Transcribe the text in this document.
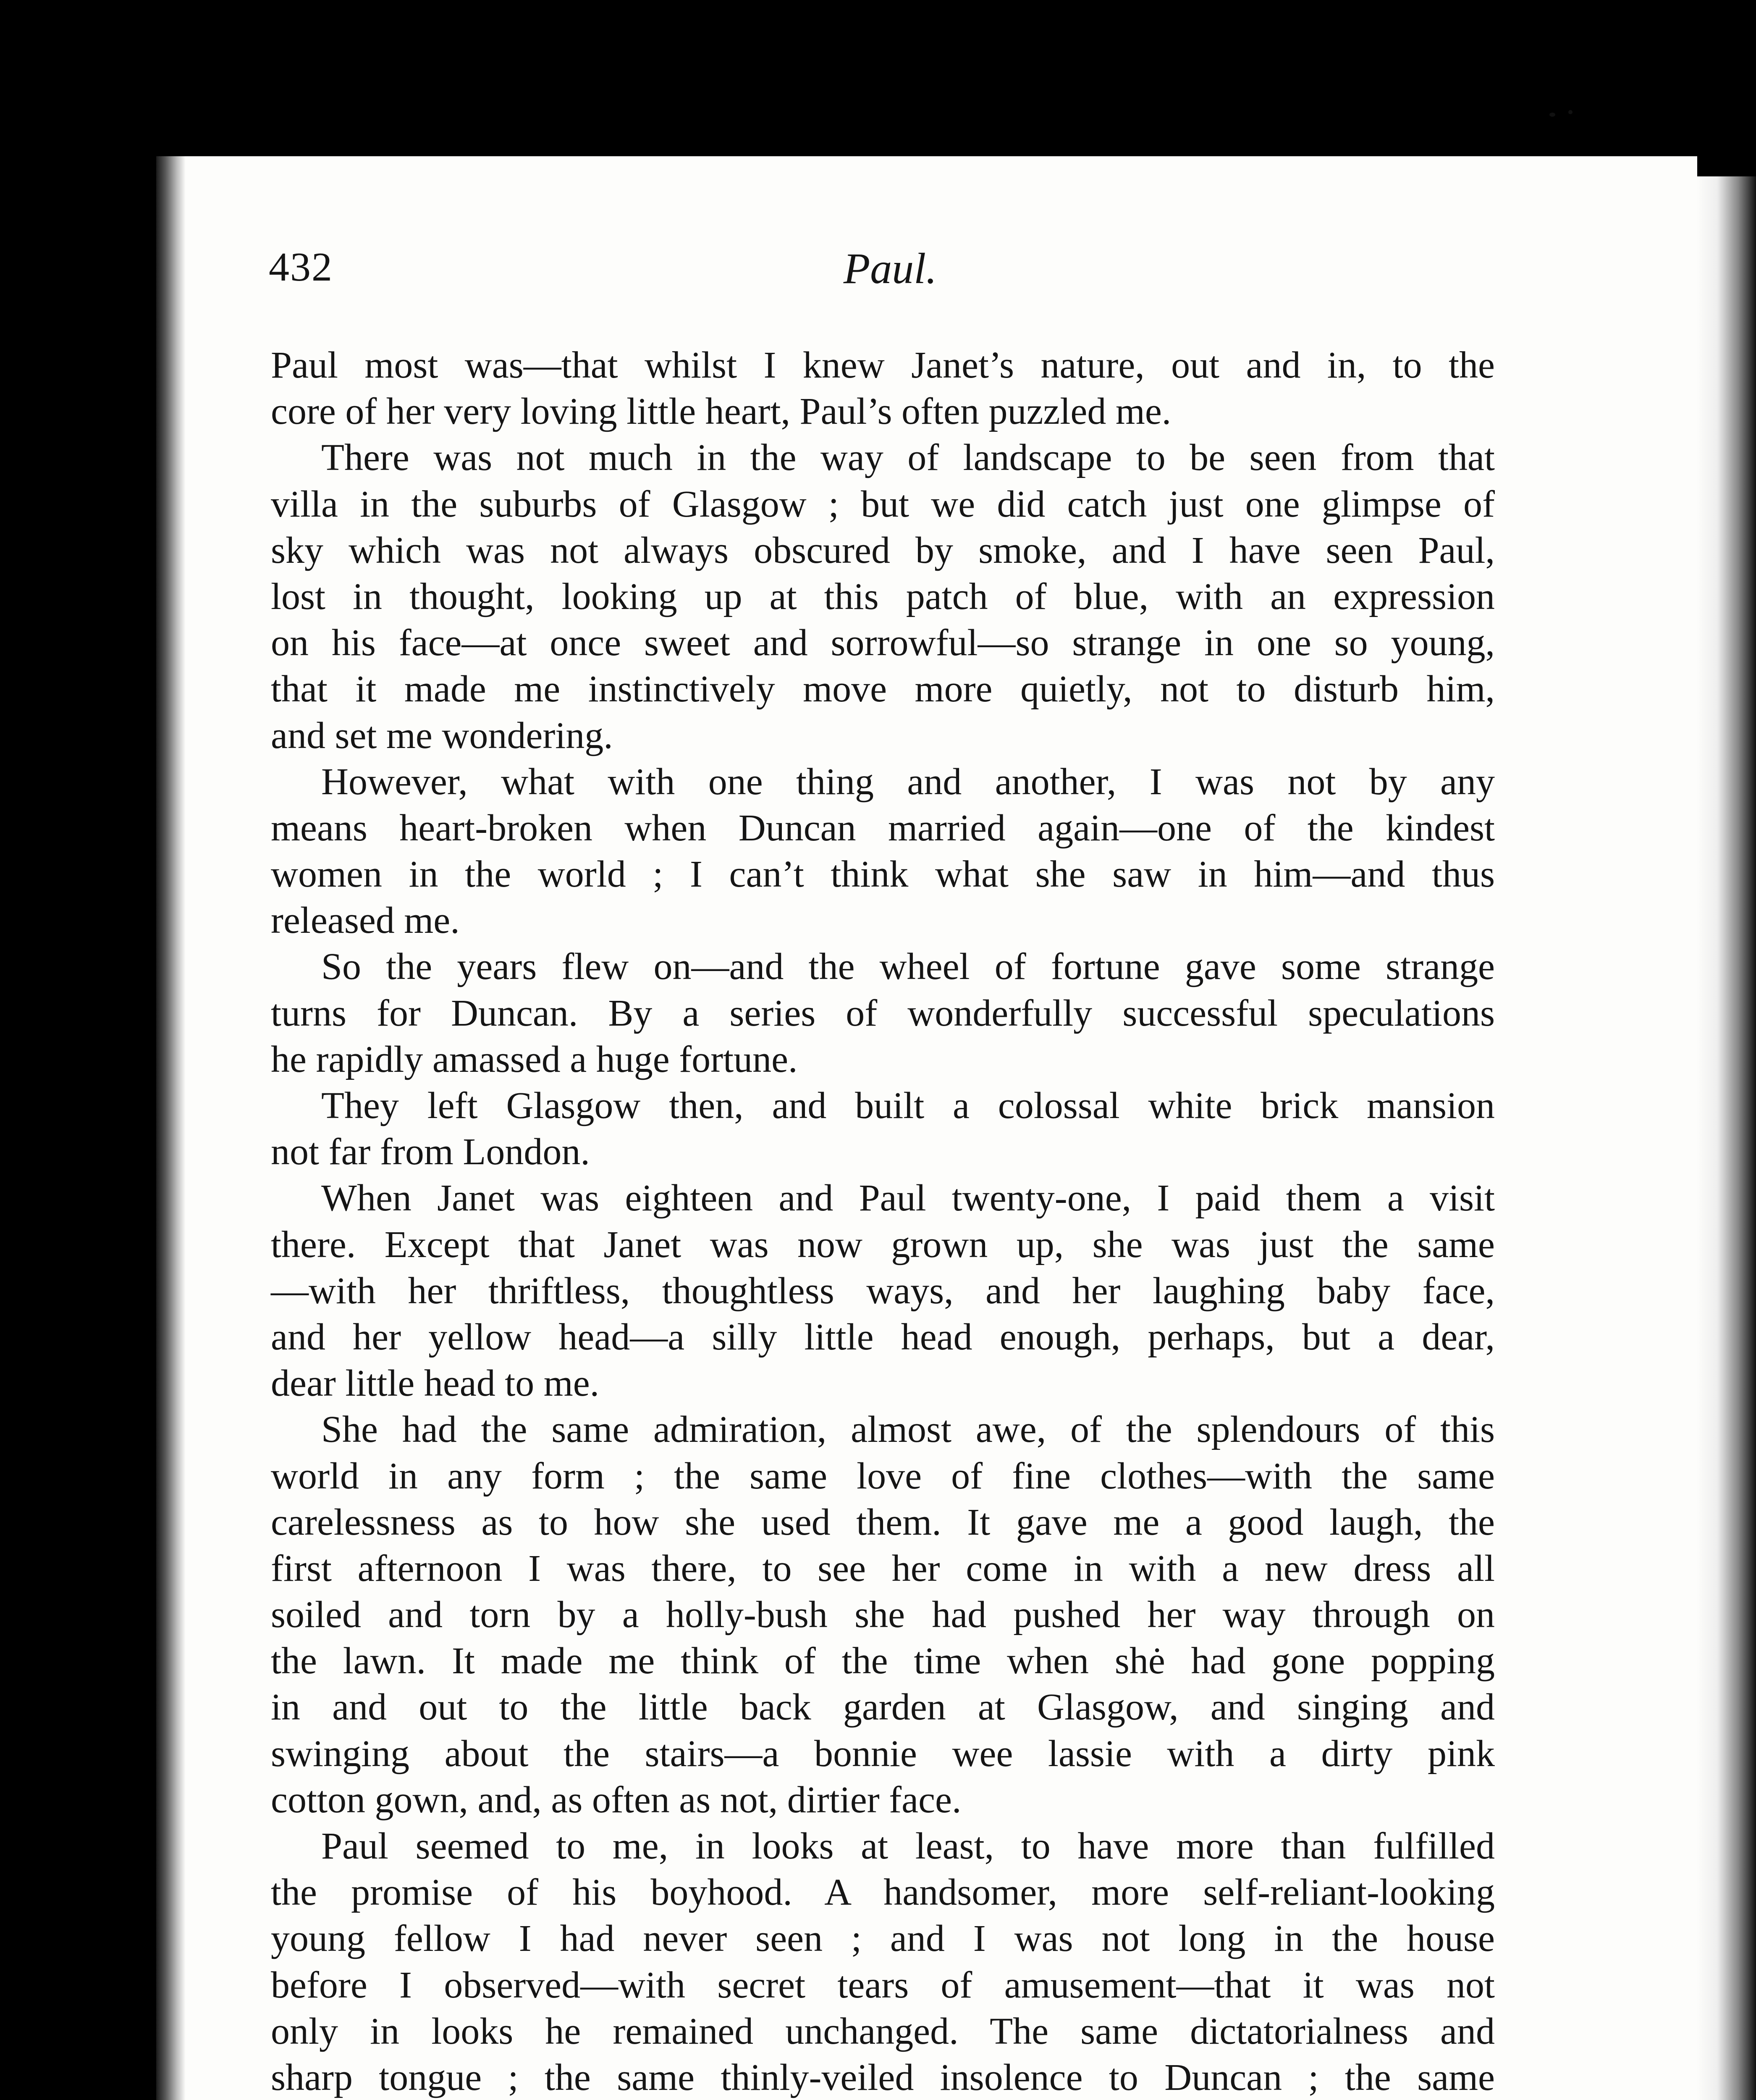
432	Paul.
Paul most was—that whilst I knew Janet’s nature, out and in, to the
core of her very loving little heart, Paul’s often puzzled me.
There was not much in the way of landscape to be seen from that
villa in the suburbs of Glasgow ; but we did catch just one glimpse of
sky which was not always obscured by smoke, and I have seen Paul,
lost in thought, looking up at this patch of blue, with an expression
on his face—at once sweet and sorrowful—so strange in one so young,
that it made me instinctively move more quietly, not to disturb him,
and set me wondering.
However, what with one thing and another, I was not by any
means heart-broken when Duncan married again—one of the kindest
women in the world ; I can’t think what she saw in him—and thus
released me.
So the years flew on—and the wheel of fortune gave some strange
turns for Duncan. By a series of wonderfully successful speculations
he rapidly amassed a huge fortune.
They left Glasgow then, and built a colossal white brick mansion
not far from London.
When Janet was eighteen and Paul twenty-one, I paid them a visit
there. Except that Janet was now grown up, she was just the same
—with her thriftless, thoughtless ways, and her laughing baby face,
and her yellow head—a silly little head enough, perhaps, but a dear,
dear little head to me.
She had the same admiration, almost awe, of the splendours of this
world in any form ; the same love of fine clothes—with the same
carelessness as to how she used them. It gave me a good laugh, the
first afternoon I was there, to see her come in with a new dress all
soiled and torn by a holly-bush she had pushed her way through on
the lawn. It made me think of the time when shė had gone popping
in and out to the little back garden at Glasgow, and singing and
swinging about the stairs—a bonnie wee lassie with a dirty pink
cotton gown, and, as often as not, dirtier face.
Paul seemed to me, in looks at least, to have more than fulfilled
the promise of his boyhood. A handsomer, more self-reliant-looking
young fellow I had never seen ; and I was not long in the house
before I observed—with secret tears of amusement—that it was not
only in looks he remained unchanged. The same dictatorialness and
sharp tongue ; the same thinly-veiled insolence to Duncan ; the same
